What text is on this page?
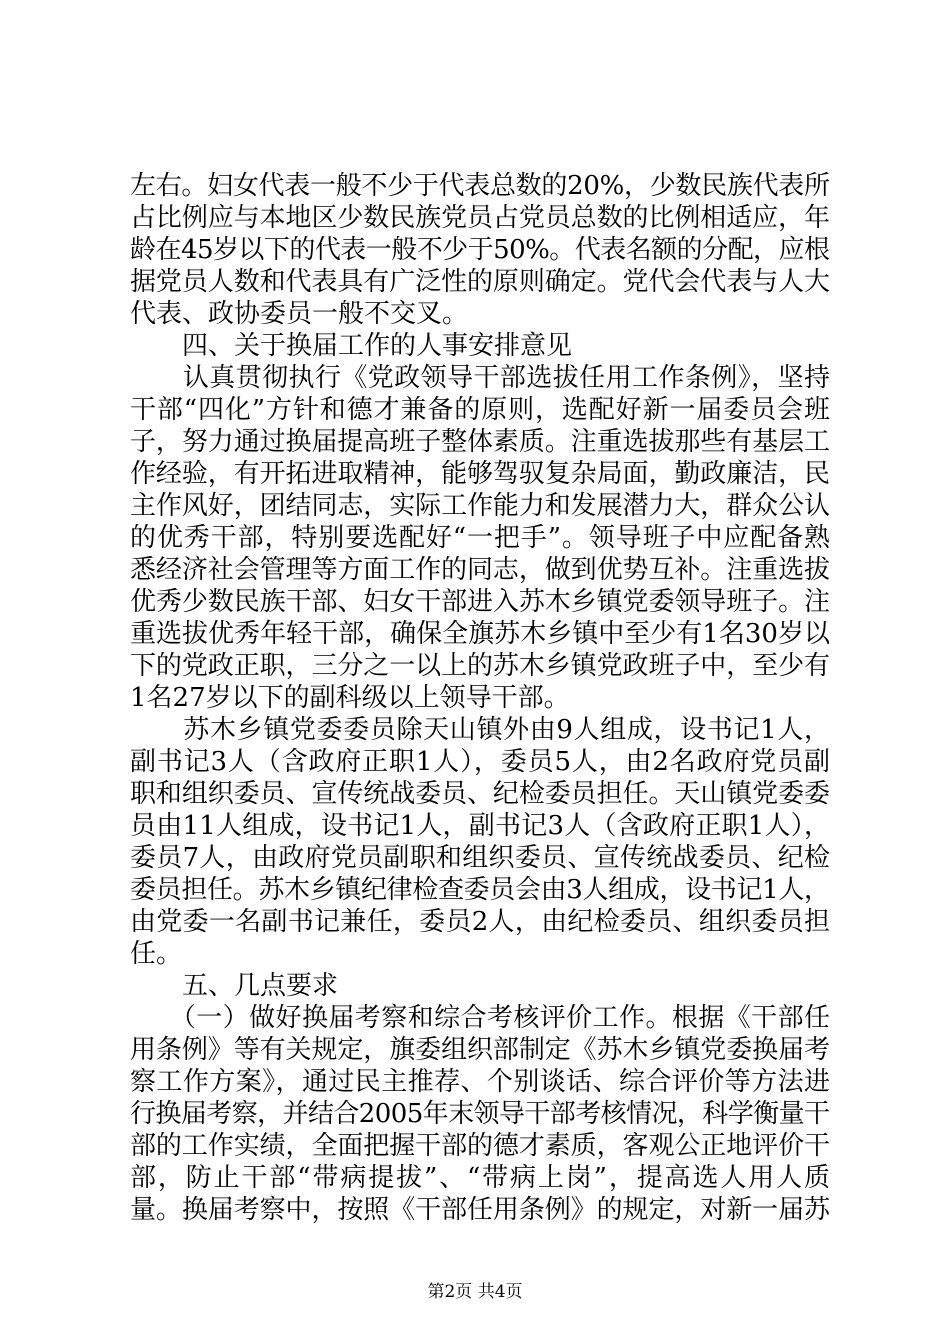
左右。妇女代表一般不少于代表总数的20%，少数民族代表所
占比例应与本地区少数民族党员占党员总数的比例相适应，年
龄在45岁以下的代表一般不少于50%。代表名额的分配，应根
据党员人数和代表具有广泛性的原则确定。党代会代表与人大
代表、政协委员一般不交叉。
　　四、关于换届工作的人事安排意见
　　认真贯彻执行《党政领导干部选拔任用工作条例》，坚持
干部“四化”方针和德才兼备的原则，选配好新一届委员会班
子，努力通过换届提高班子整体素质。注重选拔那些有基层工
作经验，有开拓进取精神，能够驾驭复杂局面，勤政廉洁，民
主作风好，团结同志，实际工作能力和发展潜力大，群众公认
的优秀干部，特别要选配好“一把手”。领导班子中应配备熟
悉经济社会管理等方面工作的同志，做到优势互补。注重选拔
优秀少数民族干部、妇女干部进入苏木乡镇党委领导班子。注
重选拔优秀年轻干部，确保全旗苏木乡镇中至少有1名30岁以
下的党政正职，三分之一以上的苏木乡镇党政班子中，至少有
1名27岁以下的副科级以上领导干部。
　　苏木乡镇党委委员除天山镇外由9人组成，设书记1人，
副书记3人（含政府正职1人），委员5人，由2名政府党员副
职和组织委员、宣传统战委员、纪检委员担任。天山镇党委委
员由11人组成，设书记1人，副书记3人（含政府正职1人），
委员7人，由政府党员副职和组织委员、宣传统战委员、纪检
委员担任。苏木乡镇纪律检查委员会由3人组成，设书记1人，
由党委一名副书记兼任，委员2人，由纪检委员、组织委员担
任。
　　五、几点要求
　　（一）做好换届考察和综合考核评价工作。根据《干部任
用条例》等有关规定，旗委组织部制定《苏木乡镇党委换届考
察工作方案》，通过民主推荐、个别谈话、综合评价等方法进
行换届考察，并结合2005年末领导干部考核情况，科学衡量干
部的工作实绩，全面把握干部的德才素质，客观公正地评价干
部，防止干部“带病提拔”、“带病上岗”，提高选人用人质
量。换届考察中，按照《干部任用条例》的规定，对新一届苏
第2页 共4页
